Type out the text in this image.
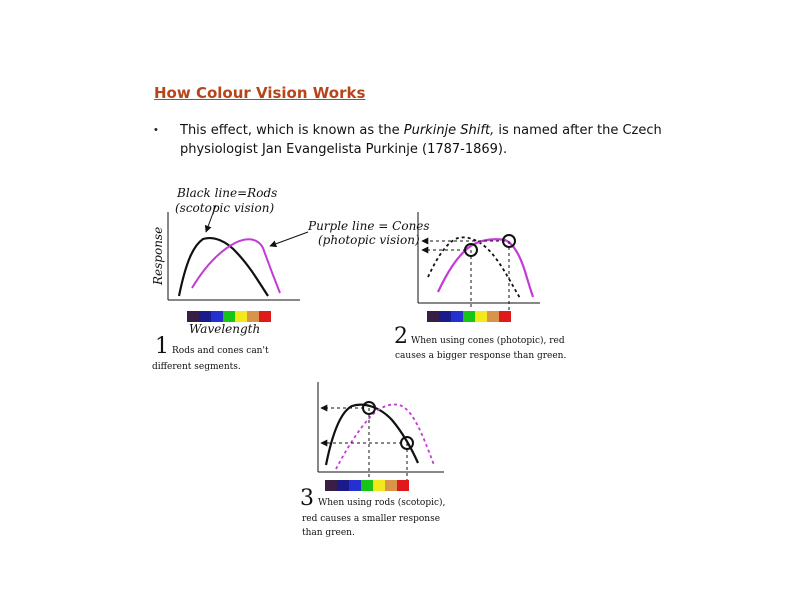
How Colour Vision Works
• This effect, which is known as the Purkinje Shift, is named after the Czech physiologist Jan Evangelista Purkinje (1787-1869).
Black line=Rods
(scotopic vision)
Purple line = Cones
(photopic vision)
Response
Wavelength
1 Rods and cones can't
different segments.
2 When using cones (photopic), red
causes a bigger response than green.
3 When using rods (scotopic),
red causes a smaller response
than green.
